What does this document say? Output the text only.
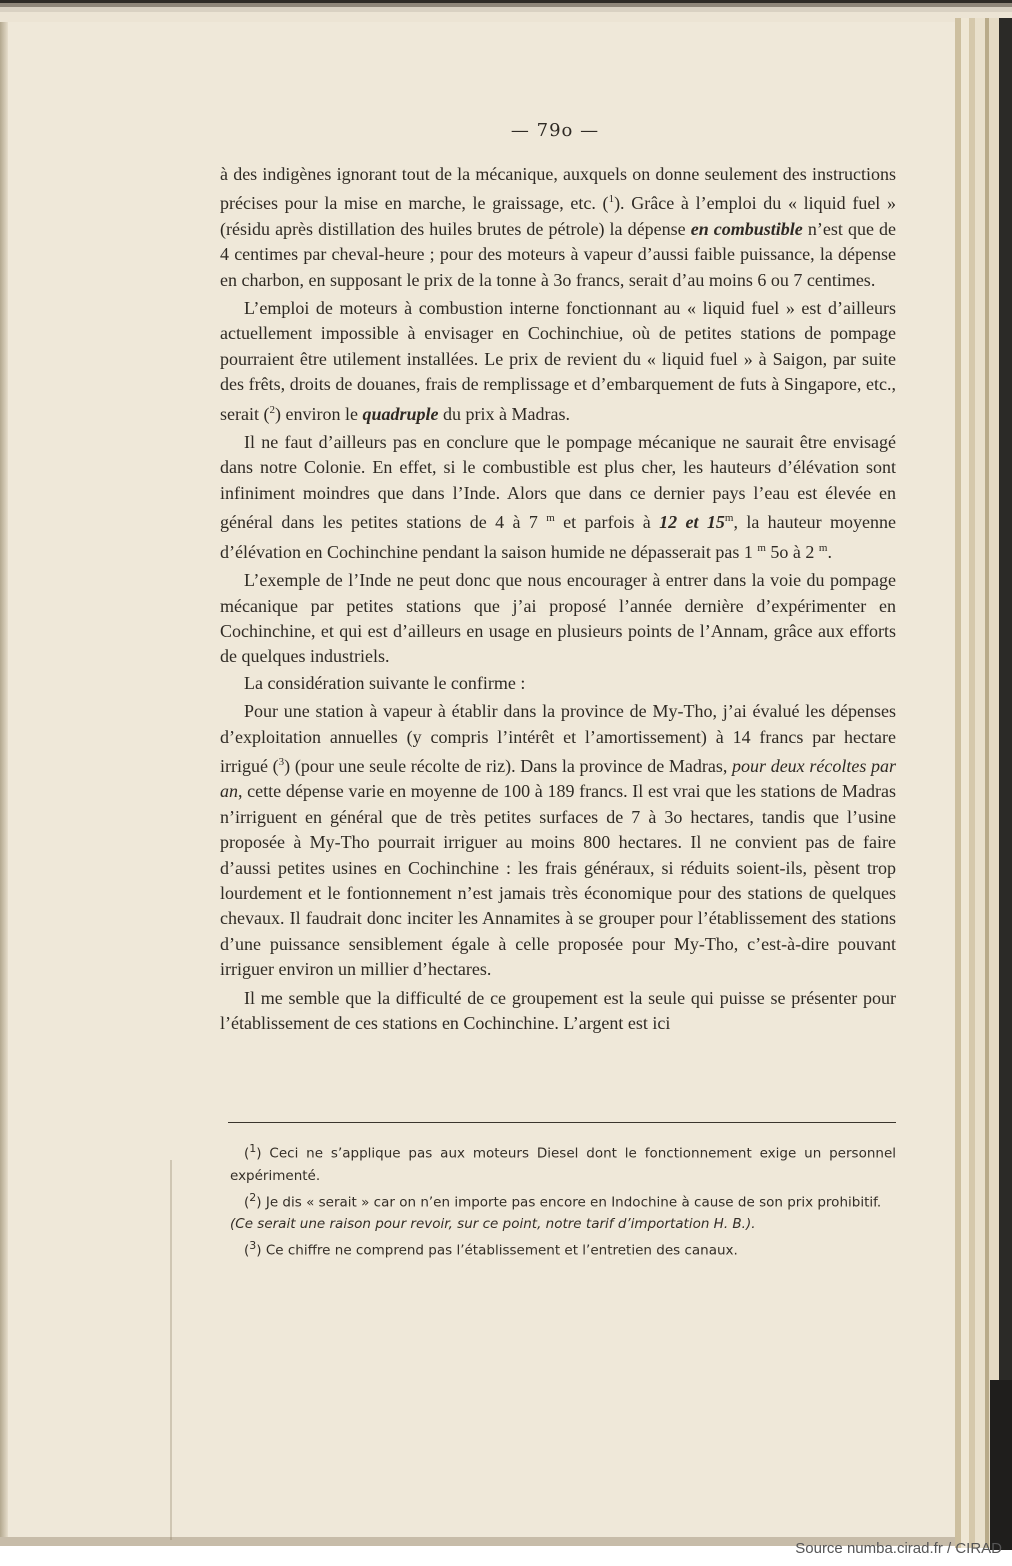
— 79o —

à des indigènes ignorant tout de la mécanique, auxquels on donne seulement des instructions précises pour la mise en marche, le graissage, etc. ($^1$). Grâce à l’emploi du « liquid fuel » (résidu après distillation des huiles brutes de pétrole) la dépense en combustible n’est que de 4 centimes par cheval-heure ; pour des moteurs à vapeur d’aussi faible puissance, la dépense en charbon, en supposant le prix de la tonne à 3o francs, serait d’au moins 6 ou 7 centimes.

L’emploi de moteurs à combustion interne fonctionnant au « liquid fuel » est d’ailleurs actuellement impossible à envisager en Cochinchiue, où de petites stations de pompage pourraient être utilement installées. Le prix de revient du « liquid fuel » à Saigon, par suite des frêts, droits de douanes, frais de remplissage et d’embarquement de futs à Singapore, etc., serait ($^2$) environ le quadruple du prix à Madras.

Il ne faut d’ailleurs pas en conclure que le pompage mécanique ne saurait être envisagé dans notre Colonie. En effet, si le combustible est plus cher, les hauteurs d’élévation sont infiniment moindres que dans l’Inde. Alors que dans ce dernier pays l’eau est élevée en général dans les petites stations de 4 à 7 $^m$ et parfois à 12 et 15$^m$, la hauteur moyenne d’élévation en Cochinchine pendant la saison humide ne dépasserait pas 1 $^m$ 5o à 2 $^m$.

L’exemple de l’Inde ne peut donc que nous encourager à entrer dans la voie du pompage mécanique par petites stations que j’ai proposé l’année dernière d’expérimenter en Cochinchine, et qui est d’ailleurs en usage en plusieurs points de l’Annam, grâce aux efforts de quelques industriels.

La considération suivante le confirme :

Pour une station à vapeur à établir dans la province de My-Tho, j’ai évalué les dépenses d’exploitation annuelles (y compris l’intérêt et l’amortissement) à 14 francs par hectare irrigué ($^3$) (pour une seule récolte de riz). Dans la province de Madras, pour deux récoltes par an, cette dépense varie en moyenne de 100 à 189 francs. Il est vrai que les stations de Madras n’irriguent en général que de très petites surfaces de 7 à 3o hectares, tandis que l’usine proposée à My-Tho pourrait irriguer au moins 800 hectares. Il ne convient pas de faire d’aussi petites usines en Cochinchine : les frais généraux, si réduits soient-ils, pèsent trop lourdement et le fontionnement n’est jamais très économique pour des stations de quelques chevaux. Il faudrait donc inciter les Annamites à se grouper pour l’établissement des stations d’une puissance sensiblement égale à celle proposée pour My-Tho, c’est-à-dire pouvant irriguer environ un millier d’hectares.

Il me semble que la difficulté de ce groupement est la seule qui puisse se présenter pour l’établissement de ces stations en Cochinchine. L’argent est ici

($^1$) Ceci ne s’applique pas aux moteurs Diesel dont le fonctionnement exige un personnel expérimenté.

($^2$) Je dis « serait » car on n’en importe pas encore en Indochine à cause de son prix prohibitif.

(Ce serait une raison pour revoir, sur ce point, notre tarif d’importation H. B.).

($^3$) Ce chiffre ne comprend pas l’établissement et l’entretien des canaux.

Source numba.cirad.fr / CIRAD
